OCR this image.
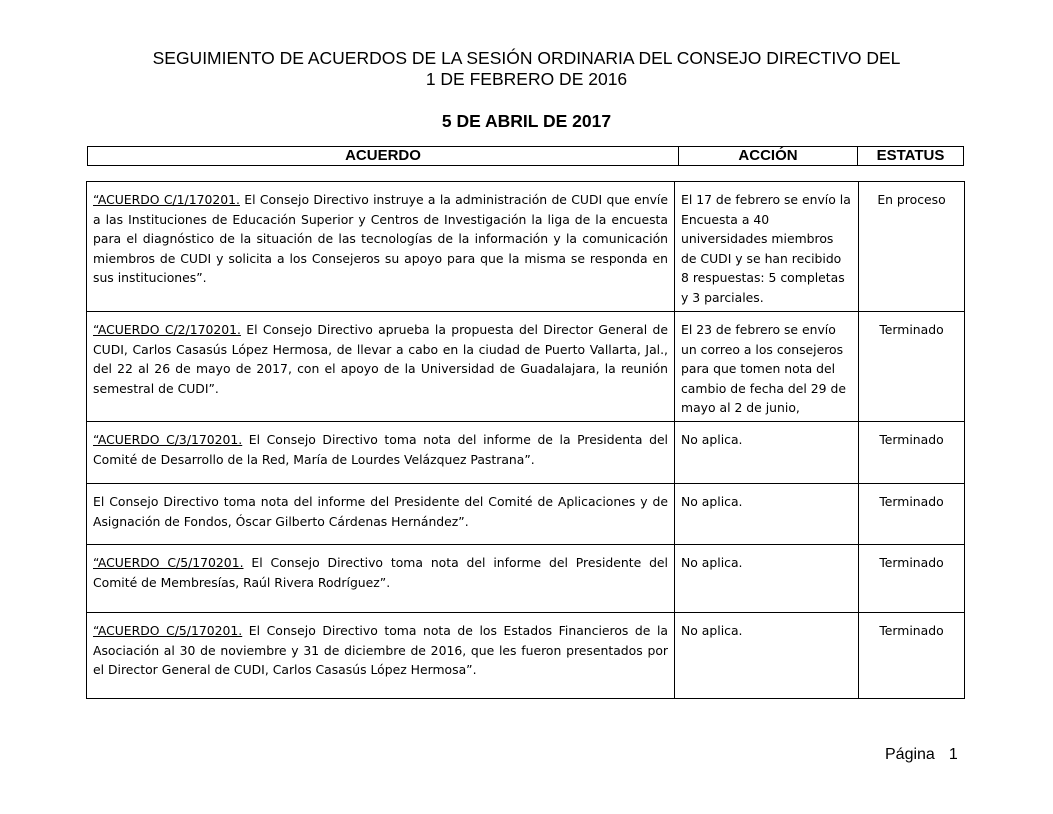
SEGUIMIENTO DE ACUERDOS DE LA SESIÓN ORDINARIA DEL CONSEJO DIRECTIVO DEL
1 DE FEBRERO DE 2016
5 DE ABRIL DE 2017
ACUERDO	ACCIÓN	ESTATUS
“ACUERDO C/1/170201. El Consejo Directivo instruye a la administración de CUDI que envíe a las Instituciones de Educación Superior y Centros de Investigación la liga de la encuesta para el diagnóstico de la situación de las tecnologías de la información y la comunicación miembros de CUDI y solicita a los Consejeros su apoyo para que la misma se responda en sus instituciones”.	El 17 de febrero se envío la Encuesta a 40 universidades miembros de CUDI y se han recibido 8 respuestas: 5 completas y 3 parciales.	En proceso
“ACUERDO C/2/170201. El Consejo Directivo aprueba la propuesta del Director General de CUDI, Carlos Casasús López Hermosa, de llevar a cabo en la ciudad de Puerto Vallarta, Jal., del 22 al 26 de mayo de 2017, con el apoyo de la Universidad de Guadalajara, la reunión semestral de CUDI”.	El 23 de febrero se envío un correo a los consejeros para que tomen nota del cambio de fecha del 29 de mayo al 2 de junio,	Terminado
“ACUERDO C/3/170201. El Consejo Directivo toma nota del informe de la Presidenta del Comité de Desarrollo de la Red, María de Lourdes Velázquez Pastrana”.	No aplica.	Terminado
El Consejo Directivo toma nota del informe del Presidente del Comité de Aplicaciones y de Asignación de Fondos, Óscar Gilberto Cárdenas Hernández”.	No aplica.	Terminado
“ACUERDO C/5/170201. El Consejo Directivo toma nota del informe del Presidente del Comité de Membresías, Raúl Rivera Rodríguez”.	No aplica.	Terminado
“ACUERDO C/5/170201. El Consejo Directivo toma nota de los Estados Financieros de la Asociación al 30 de noviembre y 31 de diciembre de 2016, que les fueron presentados por el Director General de CUDI, Carlos Casasús López Hermosa”.	No aplica.	Terminado
Página 1
